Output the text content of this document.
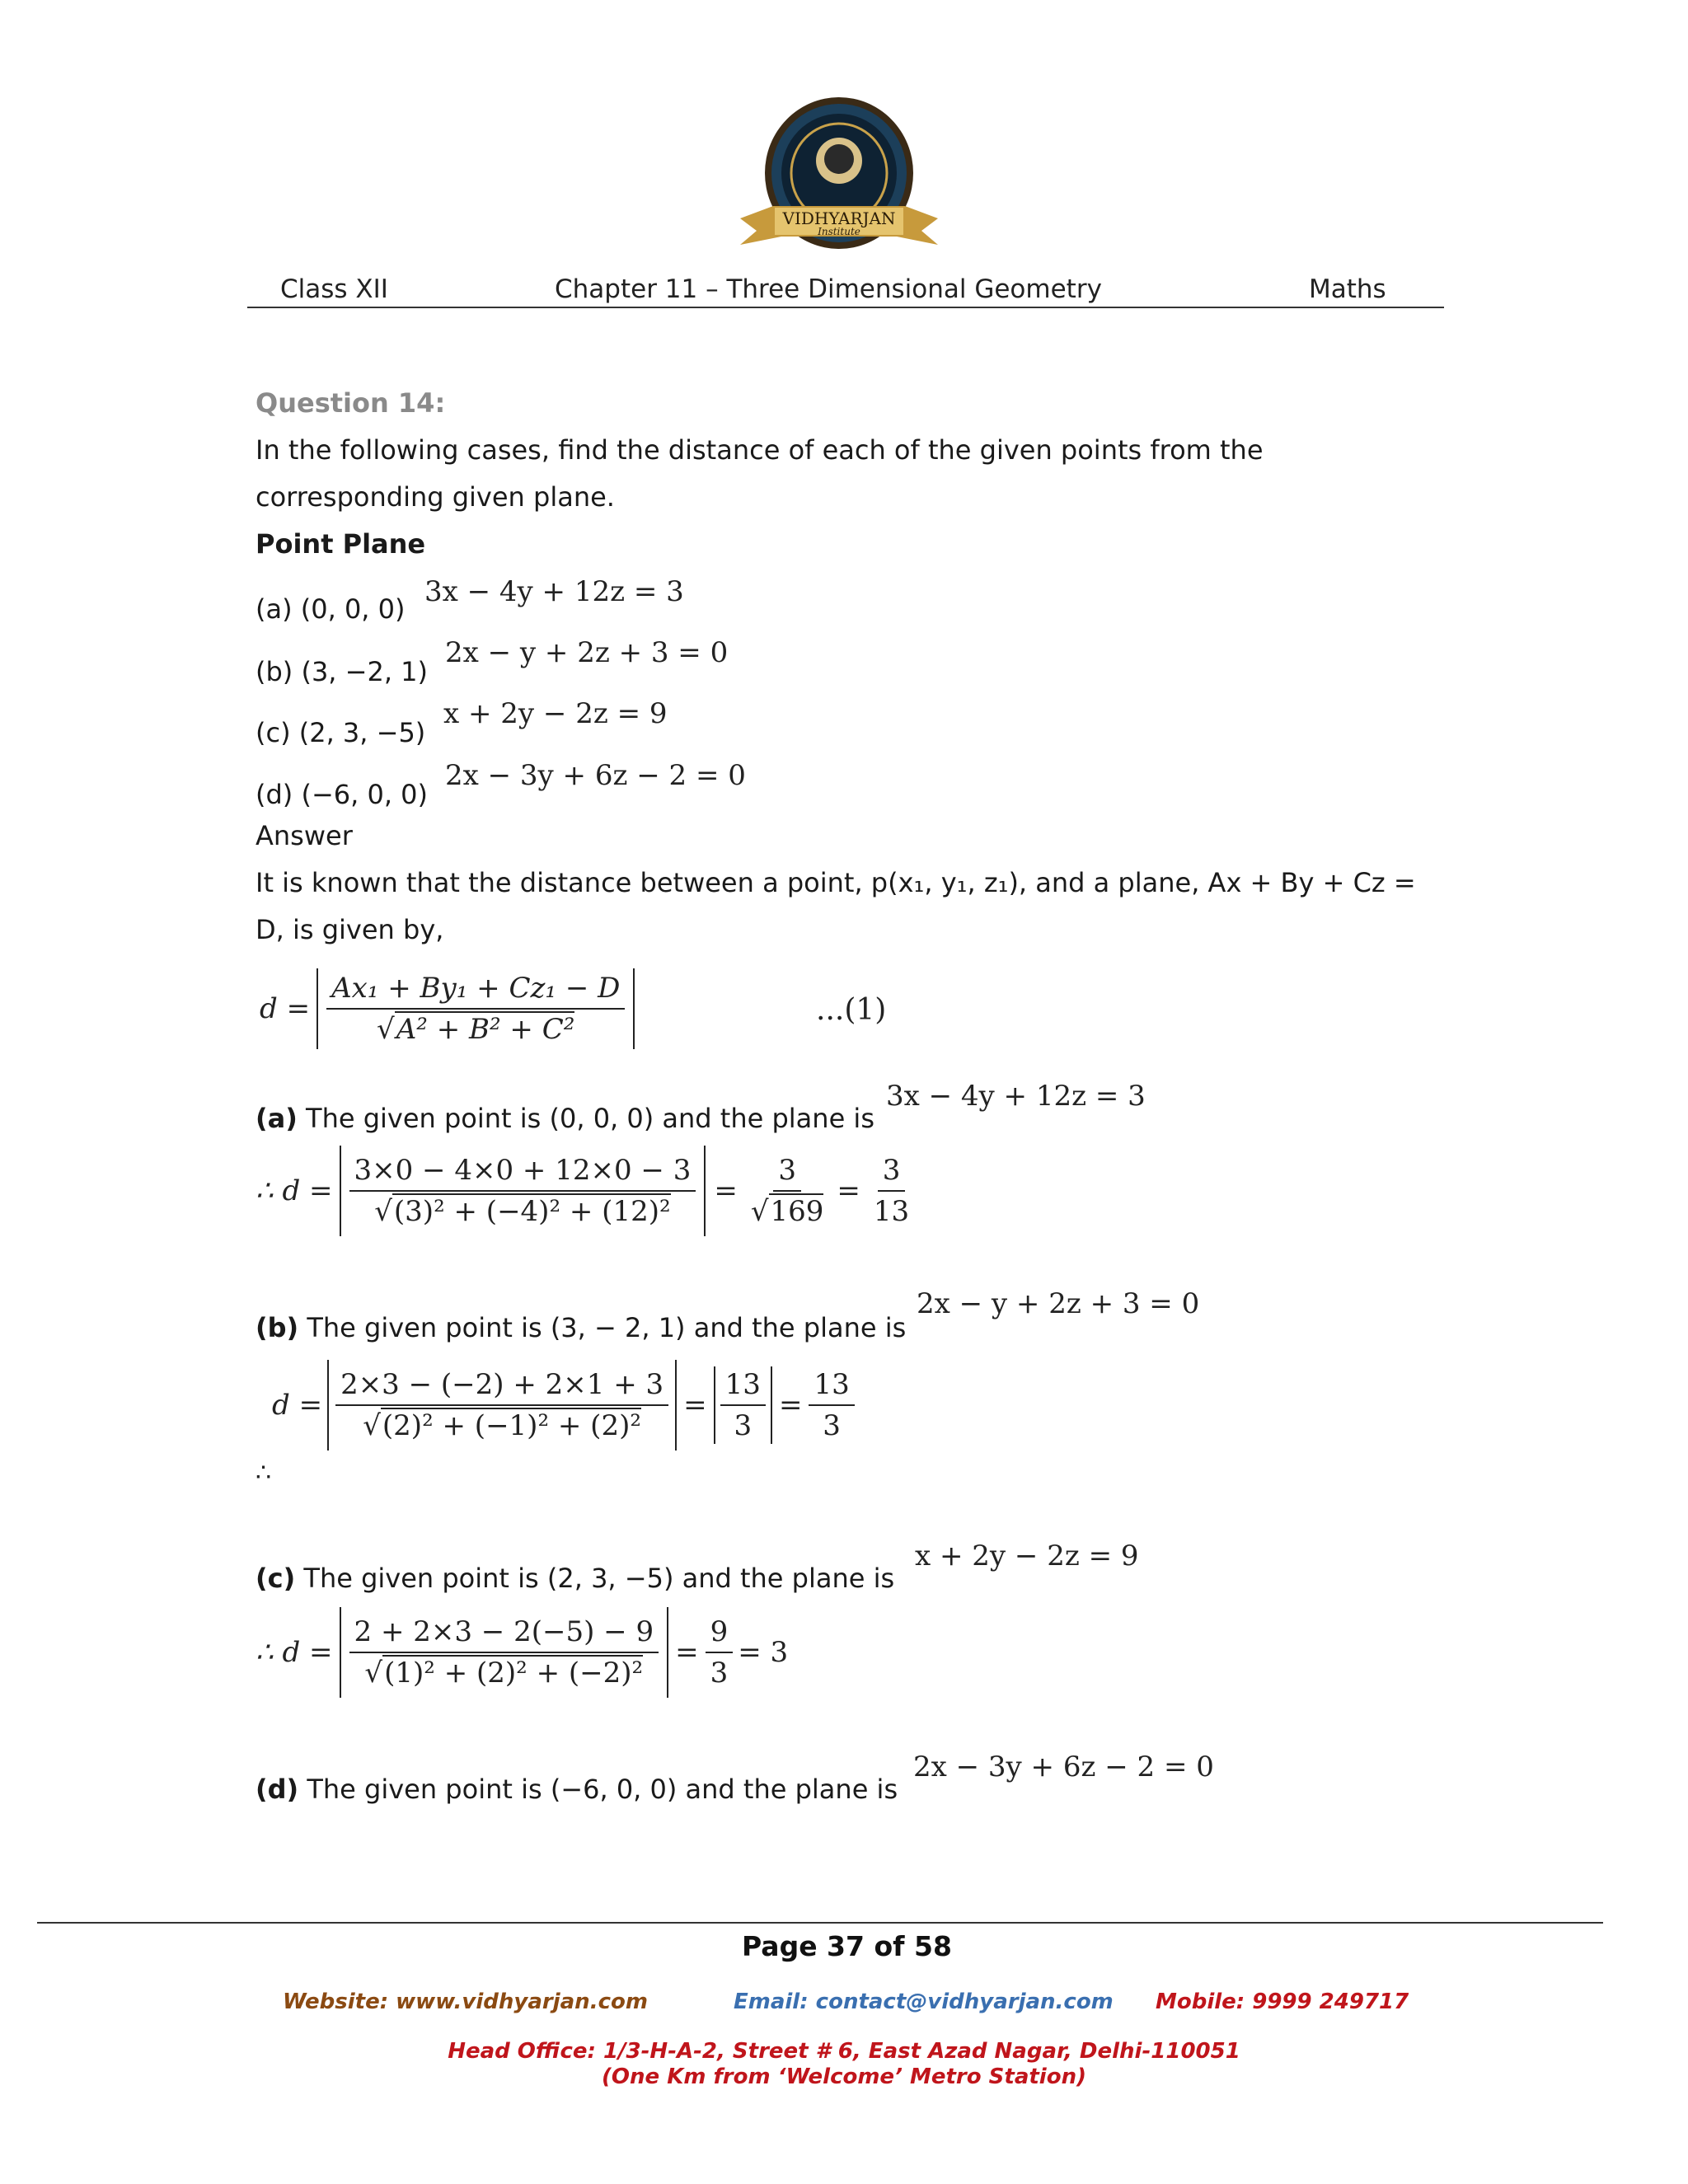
VIDHYARJAN
Institute
Class XII	Chapter 11 – Three Dimensional Geometry	Maths
Question 14:
In the following cases, find the distance of each of the given points from the
corresponding given plane.
Point Plane
(a) (0, 0, 0)
3x − 4y + 12z = 3
(b) (3, −2, 1)
2x − y + 2z + 3 = 0
(c) (2, 3, −5)
x + 2y − 2z = 9
(d) (−6, 0, 0)
2x − 3y + 6z − 2 = 0
Answer
It is known that the distance between a point, p(x₁, y₁, z₁), and a plane, Ax + By + Cz =
D, is given by,
$d = \frac{\text{Ax₁ + By₁ + Cz₁ − D}}{\text{√A² + B² + C²}}$	...(1)
(a) The given point is (0, 0, 0) and the plane is
3x − 4y + 12z = 3
∴ $d = \frac{3\times 0 - 4\times 0 + 12\times 0 - 3}{\text{√(3)² + (−4)² + (12)²}} = \frac{3}{√169} = \frac{3}{13}$
(b) The given point is (3, − 2, 1) and the plane is
2x − y + 2z + 3 = 0
$d = \frac{2\times 3 - (-2) + 2\times 1 + 3}{\text{√(2)² + (−1)² + (2)²}} = \frac{13}{3} = \frac{13}{3}$
∴
(c) The given point is (2, 3, −5) and the plane is
x + 2y − 2z = 9
∴ $d = \frac{2 + 2\times 3 - 2(-5) - 9}{\text{√(1)² + (2)² + (−2)²}} = \frac{9}{3} = 3$
(d) The given point is (−6, 0, 0) and the plane is
2x − 3y + 6z − 2 = 0
Page 37 of 58
Website: www.vidhyarjan.com	Email: contact@vidhyarjan.com Mobile: 9999 249717
Head Office: 1/3-H-A-2, Street # 6, East Azad Nagar, Delhi-110051
(One Km from ‘Welcome’ Metro Station)
